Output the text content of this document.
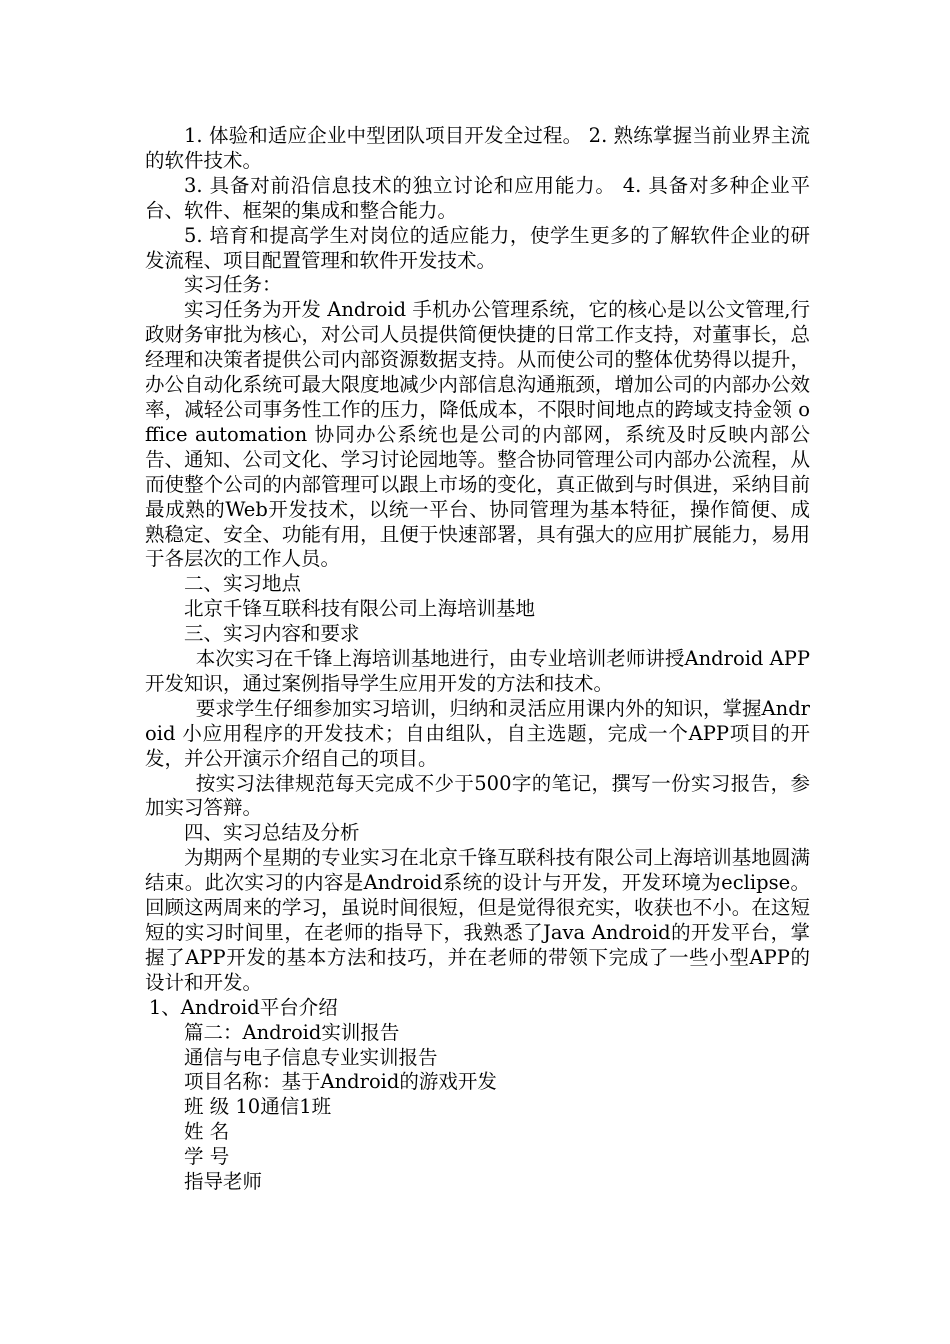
1. 体验和适应企业中型团队项目开发全过程。 2. 熟练掌握当前业界主流的软件技术。

3. 具备对前沿信息技术的独立讨论和应用能力。 4. 具备对多种企业平台、软件、框架的集成和整合能力。

5. 培育和提高学生对岗位的适应能力，使学生更多的了解软件企业的研发流程、项目配置管理和软件开发技术。

实习任务：

实习任务为开发 Android 手机办公管理系统，它的核心是以公文管理,行政财务审批为核心，对公司人员提供简便快捷的日常工作支持，对董事长，总经理和决策者提供公司内部资源数据支持。从而使公司的整体优势得以提升，办公自动化系统可最大限度地减少内部信息沟通瓶颈，增加公司的内部办公效率，减轻公司事务性工作的压力，降低成本，不限时间地点的跨域支持金领 office automation 协同办公系统也是公司的内部网，系统及时反映内部公告、通知、公司文化、学习讨论园地等。整合协同管理公司内部办公流程，从而使整个公司的内部管理可以跟上市场的变化，真正做到与时俱进，采纳目前最成熟的Web开发技术，以统一平台、协同管理为基本特征，操作简便、成熟稳定、安全、功能有用，且便于快速部署，具有强大的应用扩展能力，易用于各层次的工作人员。

二、实习地点

北京千锋互联科技有限公司上海培训基地

三、实习内容和要求

本次实习在千锋上海培训基地进行，由专业培训老师讲授Android APP开发知识，通过案例指导学生应用开发的方法和技术。

要求学生仔细参加实习培训，归纳和灵活应用课内外的知识，掌握Android 小应用程序的开发技术；自由组队，自主选题，完成一个APP项目的开发，并公开演示介绍自己的项目。

按实习法律规范每天完成不少于500字的笔记，撰写一份实习报告，参加实习答辩。

四、实习总结及分析

为期两个星期的专业实习在北京千锋互联科技有限公司上海培训基地圆满结束。此次实习的内容是Android系统的设计与开发，开发环境为eclipse。回顾这两周来的学习，虽说时间很短，但是觉得很充实，收获也不小。在这短短的实习时间里，在老师的指导下，我熟悉了Java Android的开发平台，掌握了APP开发的基本方法和技巧，并在老师的带领下完成了一些小型APP的设计和开发。

1、Android平台介绍

篇二：Android实训报告

通信与电子信息专业实训报告

项目名称：基于Android的游戏开发

班 级 10通信1班

姓 名

学 号

指导老师
